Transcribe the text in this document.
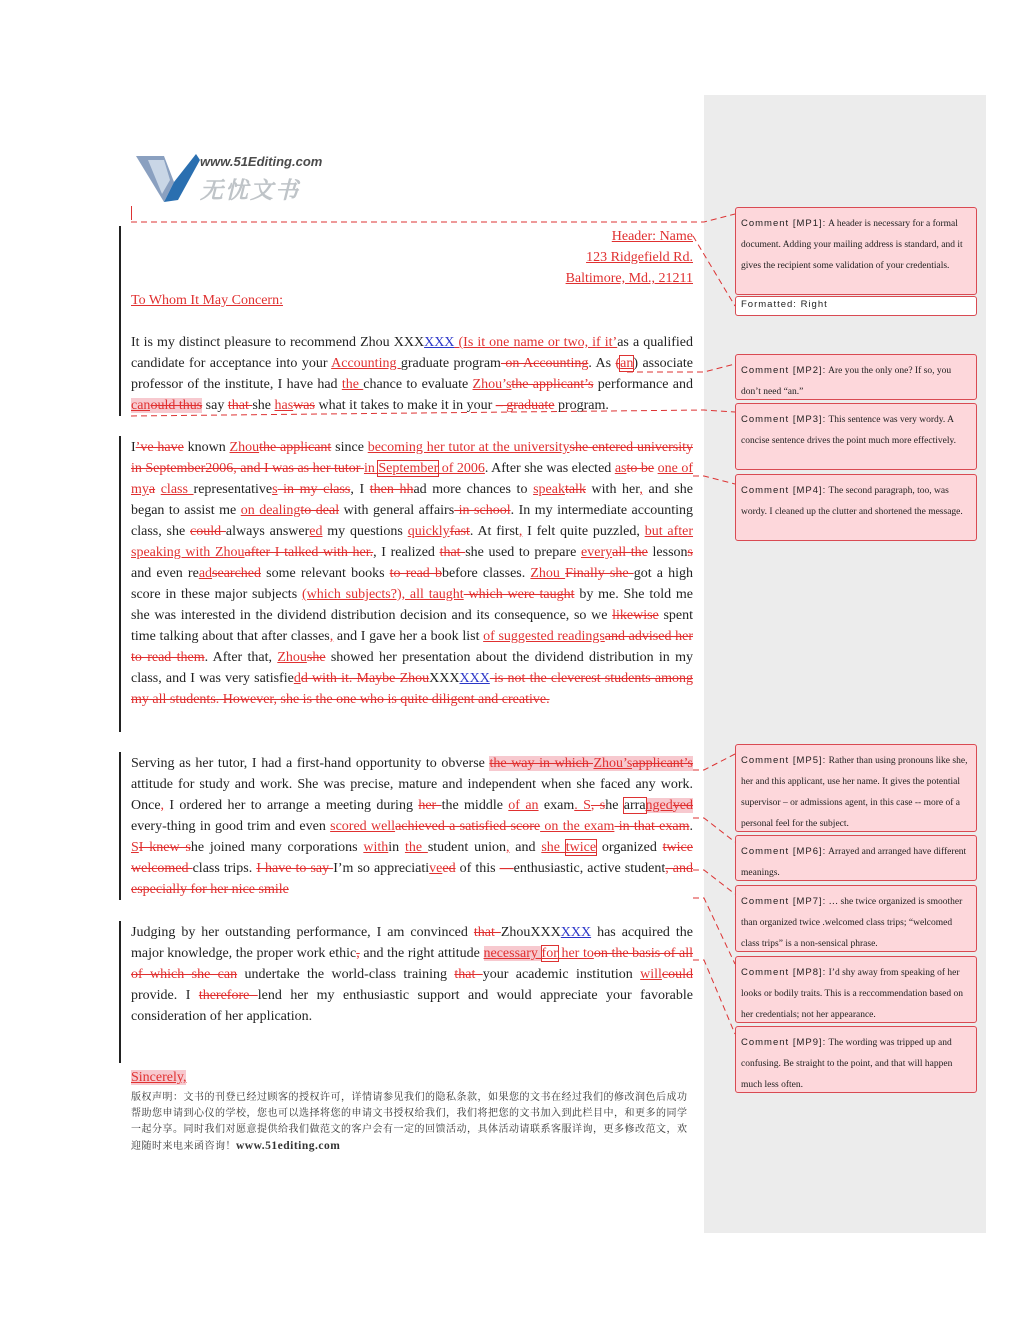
www.51Editing.com
无忧文书
Header: Name
123 Ridgefield Rd.
Baltimore, Md., 21211
To Whom It May Concern:
It is my distinct pleasure to recommend Zhou XXXXXX (Is it one name or two, if it’as a qualified candidate for acceptance into your Accounting graduate program on Accounting. As (an) associate professor of the institute, I have had the chance to evaluate Zhou’sthe applicant’s performance and canould thus say that she haswas what it takes to make it in your – graduate program.
I’ve have known Zhouthe applicant since becoming her tutor at the universityshe entered university in September2006, and I was as her tutor in September of 2006. After she was elected asto be one of mya class representatives in my class, I then hhad more chances to speaktalk with her, and she began to assist me on dealingto deal with general affairs in school. In my intermediate accounting class, she could always answered my questions quicklyfast. At first, I felt quite puzzled, but after speaking with Zhouafter I talked with her., I realized that she used to prepare everyall the lessons and even readsearched some relevant books to read bbefore classes. Zhou Finally she got a high score in these major subjects (which subjects?), all taught which were taught by me. She told me she was interested in the dividend distribution decision and its consequence, so we likewise spent time talking about that after classes, and I gave her a book list of suggested readingsand advised her to read them. After that, Zhoushe showed her presentation about the dividend distribution in my class, and I was very satisfiedd with it. Maybe ZhouXXXXXX is not the cleverest students among my all students. However, she is the one who is quite diligent and creative.
Serving as her tutor, I had a first-hand opportunity to obverse the way in which Zhou’sapplicant’s attitude for study and work. She was precise, mature and independent when she faced any work. Once, I ordered her to arrange a meeting during her the middle of an exam. S, she arrangedyed every-thing in good trim and even scored wellachieved a satisfied score on the exam in that exam. SI knew she joined many corporations within the student union, and she twice organized twice welcomed class trips. I have to say I’m so appreciativeed of this —enthusiastic, active student, and especially for her nice smile
Judging by her outstanding performance, I am convinced that ZhouXXXXXX has acquired the major knowledge, the proper work ethic, and the right attitude necessary for her toon the basis of all of which she can undertake the world-class training that your academic institution willcould provide. I therefore lend her my enthusiastic support and would appreciate your favorable consideration of her application.
Sincerely,
版权声明：文书的刊登已经过顾客的授权许可，详情请参见我们的隐私条款，如果您的文书在经过我们的修改润色后成功帮助您申请到心仪的学校，您也可以选择将您的申请文书授权给我们，我们将把您的文书加入到此栏目中，和更多的同学一起分享。同时我们对愿意提供给我们做范文的客户会有一定的回馈活动，具体活动请联系客服详询，更多修改范文，欢迎随时来电来函咨询！www.51editing.com
Comment [MP1]: A header is necessary for a formal document. Adding your mailing address is standard, and it gives the recipient some validation of your credentials.
Formatted: Right
Comment [MP2]: Are you the only one? If so, you don’t need “an.”
Comment [MP3]: This sentence was very wordy. A concise sentence drives the point much more effectively.
Comment [MP4]: The second paragraph, too, was wordy. I cleaned up the clutter and shortened the message.
Comment [MP5]: Rather than using pronouns like she, her and this applicant, use her name. It gives the potential supervisor – or admissions agent, in this case -- more of a personal feel for the subject.
Comment [MP6]: Arrayed and arranged have different meanings.
Comment [MP7]: … she twice organized is smoother than organized twice .welcomed class trips; “welcomed class trips” is a non-sensical phrase.
Comment [MP8]: I’d shy away from speaking of her looks or bodily traits. This is a reccommendation based on her credentials; not her appearance.
Comment [MP9]: The wording was tripped up and confusing. Be straight to the point, and that will happen much less often.
